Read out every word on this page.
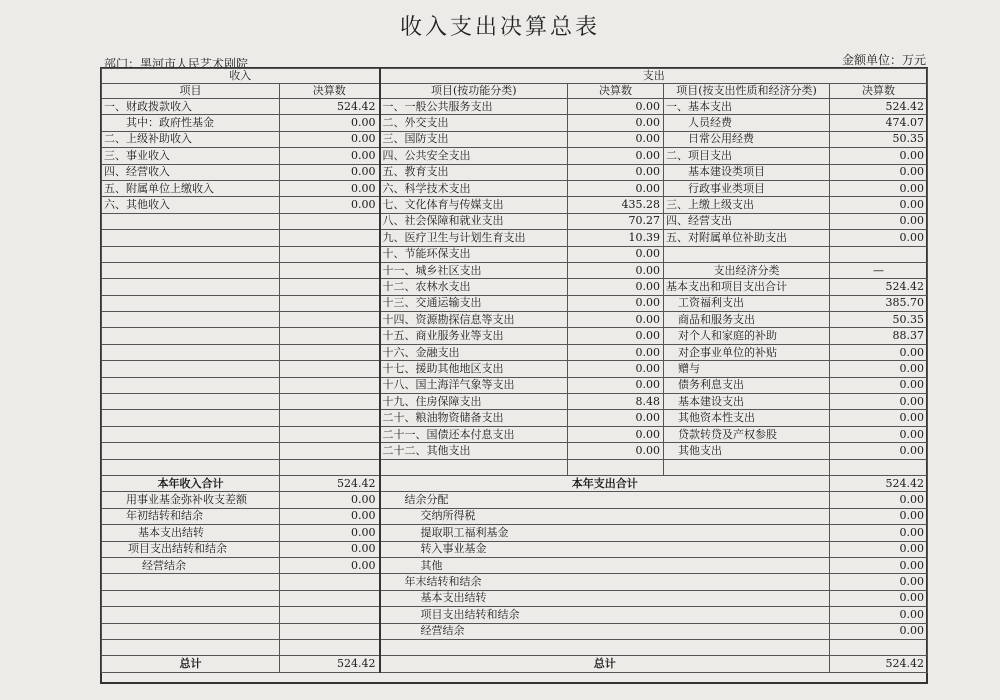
收入支出决算总表
部门：黑河市人民艺术剧院	金额单位：万元
收入		支出			
项目	决算数	项目(按功能分类)	决算数	项目(按支出性质和经济分类)	决算数
一、财政拨款收入	524.42	一、一般公共服务支出	0.00	一、基本支出	524.42
其中：政府性基金	0.00	二、外交支出	0.00	人员经费	474.07
二、上级补助收入	0.00	三、国防支出	0.00	日常公用经费	50.35
三、事业收入	0.00	四、公共安全支出	0.00	二、项目支出	0.00
四、经营收入	0.00	五、教育支出	0.00	基本建设类项目	0.00
五、附属单位上缴收入	0.00	六、科学技术支出	0.00	行政事业类项目	0.00
六、其他收入	0.00	七、文化体育与传媒支出	435.28	三、上缴上级支出	0.00
		八、社会保障和就业支出	70.27	四、经营支出	0.00
		九、医疗卫生与计划生育支出	10.39	五、对附属单位补助支出	0.00
		十、节能环保支出	0.00		
		十一、城乡社区支出	0.00	支出经济分类	—
		十二、农林水支出	0.00	基本支出和项目支出合计	524.42
		十三、交通运输支出	0.00	工资福利支出	385.70
		十四、资源勘探信息等支出	0.00	商品和服务支出	50.35
		十五、商业服务业等支出	0.00	对个人和家庭的补助	88.37
		十六、金融支出	0.00	对企事业单位的补贴	0.00
		十七、援助其他地区支出	0.00	赠与	0.00
		十八、国土海洋气象等支出	0.00	债务利息支出	0.00
		十九、住房保障支出	8.48	基本建设支出	0.00
		二十、粮油物资储备支出	0.00	其他资本性支出	0.00
		二十一、国债还本付息支出	0.00	贷款转贷及产权参股	0.00
		二十二、其他支出	0.00	其他支出	0.00

本年收入合计	524.42	本年支出合计			524.42
用事业基金弥补收支差额	0.00	结余分配			0.00
年初结转和结余	0.00	交纳所得税			0.00
基本支出结转	0.00	提取职工福利基金			0.00
项目支出结转和结余	0.00	转入事业基金			0.00
经营结余	0.00	其他			0.00
		年末结转和结余			0.00
		基本支出结转			0.00
		项目支出结转和结余			0.00
		经营结余			0.00

总计	524.42	总计			524.42
